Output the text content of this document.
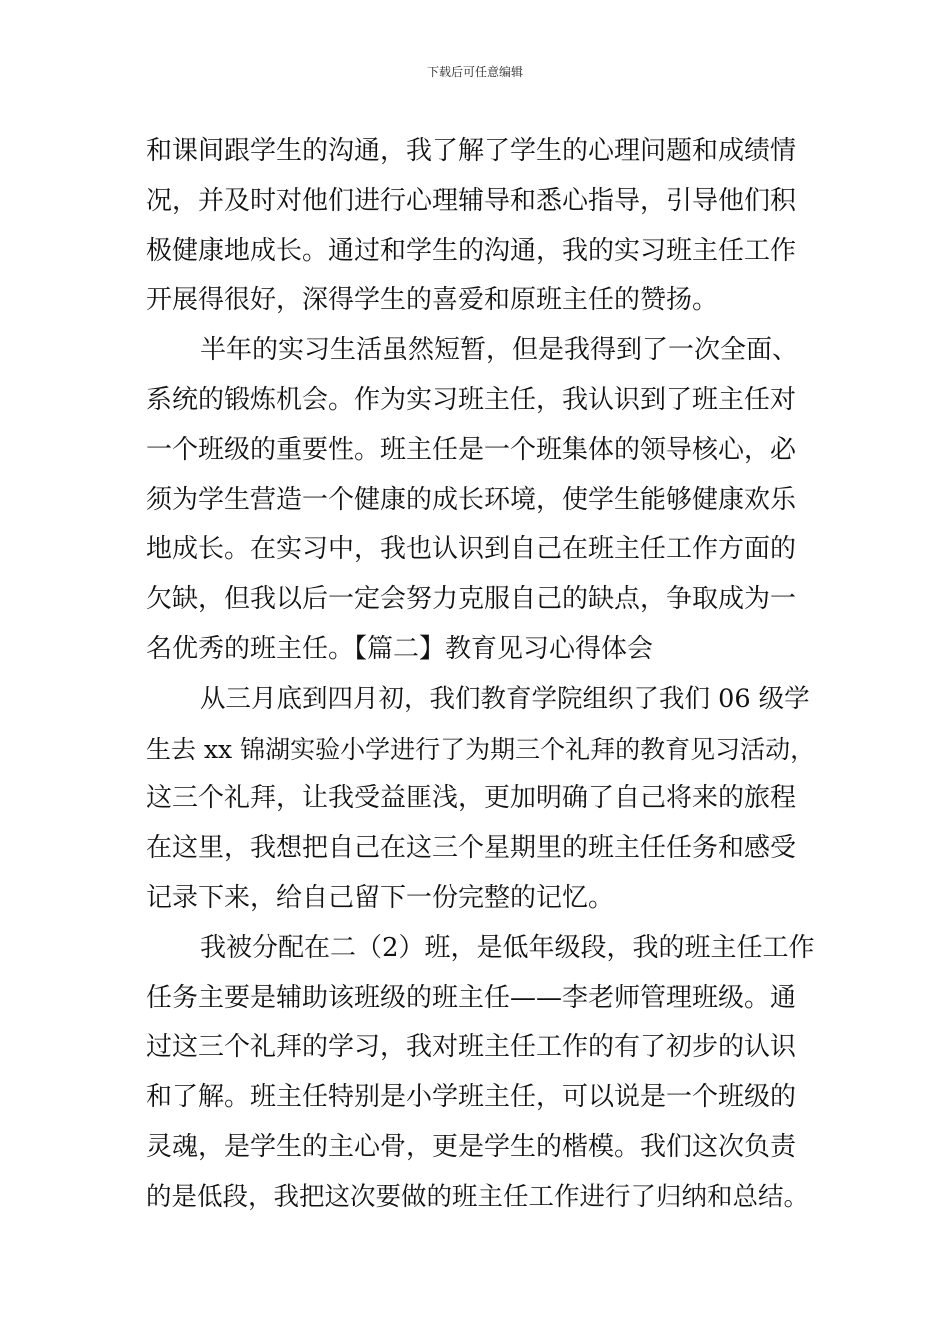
下载后可任意编辑
和课间跟学生的沟通，我了解了学生的心理问题和成绩情
况，并及时对他们进行心理辅导和悉心指导，引导他们积
极健康地成长。通过和学生的沟通，我的实习班主任工作
开展得很好，深得学生的喜爱和原班主任的赞扬。
半年的实习生活虽然短暂，但是我得到了一次全面、
系统的锻炼机会。作为实习班主任，我认识到了班主任对
一个班级的重要性。班主任是一个班集体的领导核心，必
须为学生营造一个健康的成长环境，使学生能够健康欢乐
地成长。在实习中，我也认识到自己在班主任工作方面的
欠缺，但我以后一定会努力克服自己的缺点，争取成为一
名优秀的班主任。【篇二】教育见习心得体会
从三月底到四月初，我们教育学院组织了我们 06 级学
生去 xx 锦湖实验小学进行了为期三个礼拜的教育见习活动，
这三个礼拜，让我受益匪浅，更加明确了自己将来的旅程
在这里，我想把自己在这三个星期里的班主任任务和感受
记录下来，给自己留下一份完整的记忆。
我被分配在二（2）班，是低年级段，我的班主任工作
任务主要是辅助该班级的班主任——李老师管理班级。通
过这三个礼拜的学习，我对班主任工作的有了初步的认识
和了解。班主任特别是小学班主任，可以说是一个班级的
灵魂，是学生的主心骨，更是学生的楷模。我们这次负责
的是低段，我把这次要做的班主任工作进行了归纳和总结。
